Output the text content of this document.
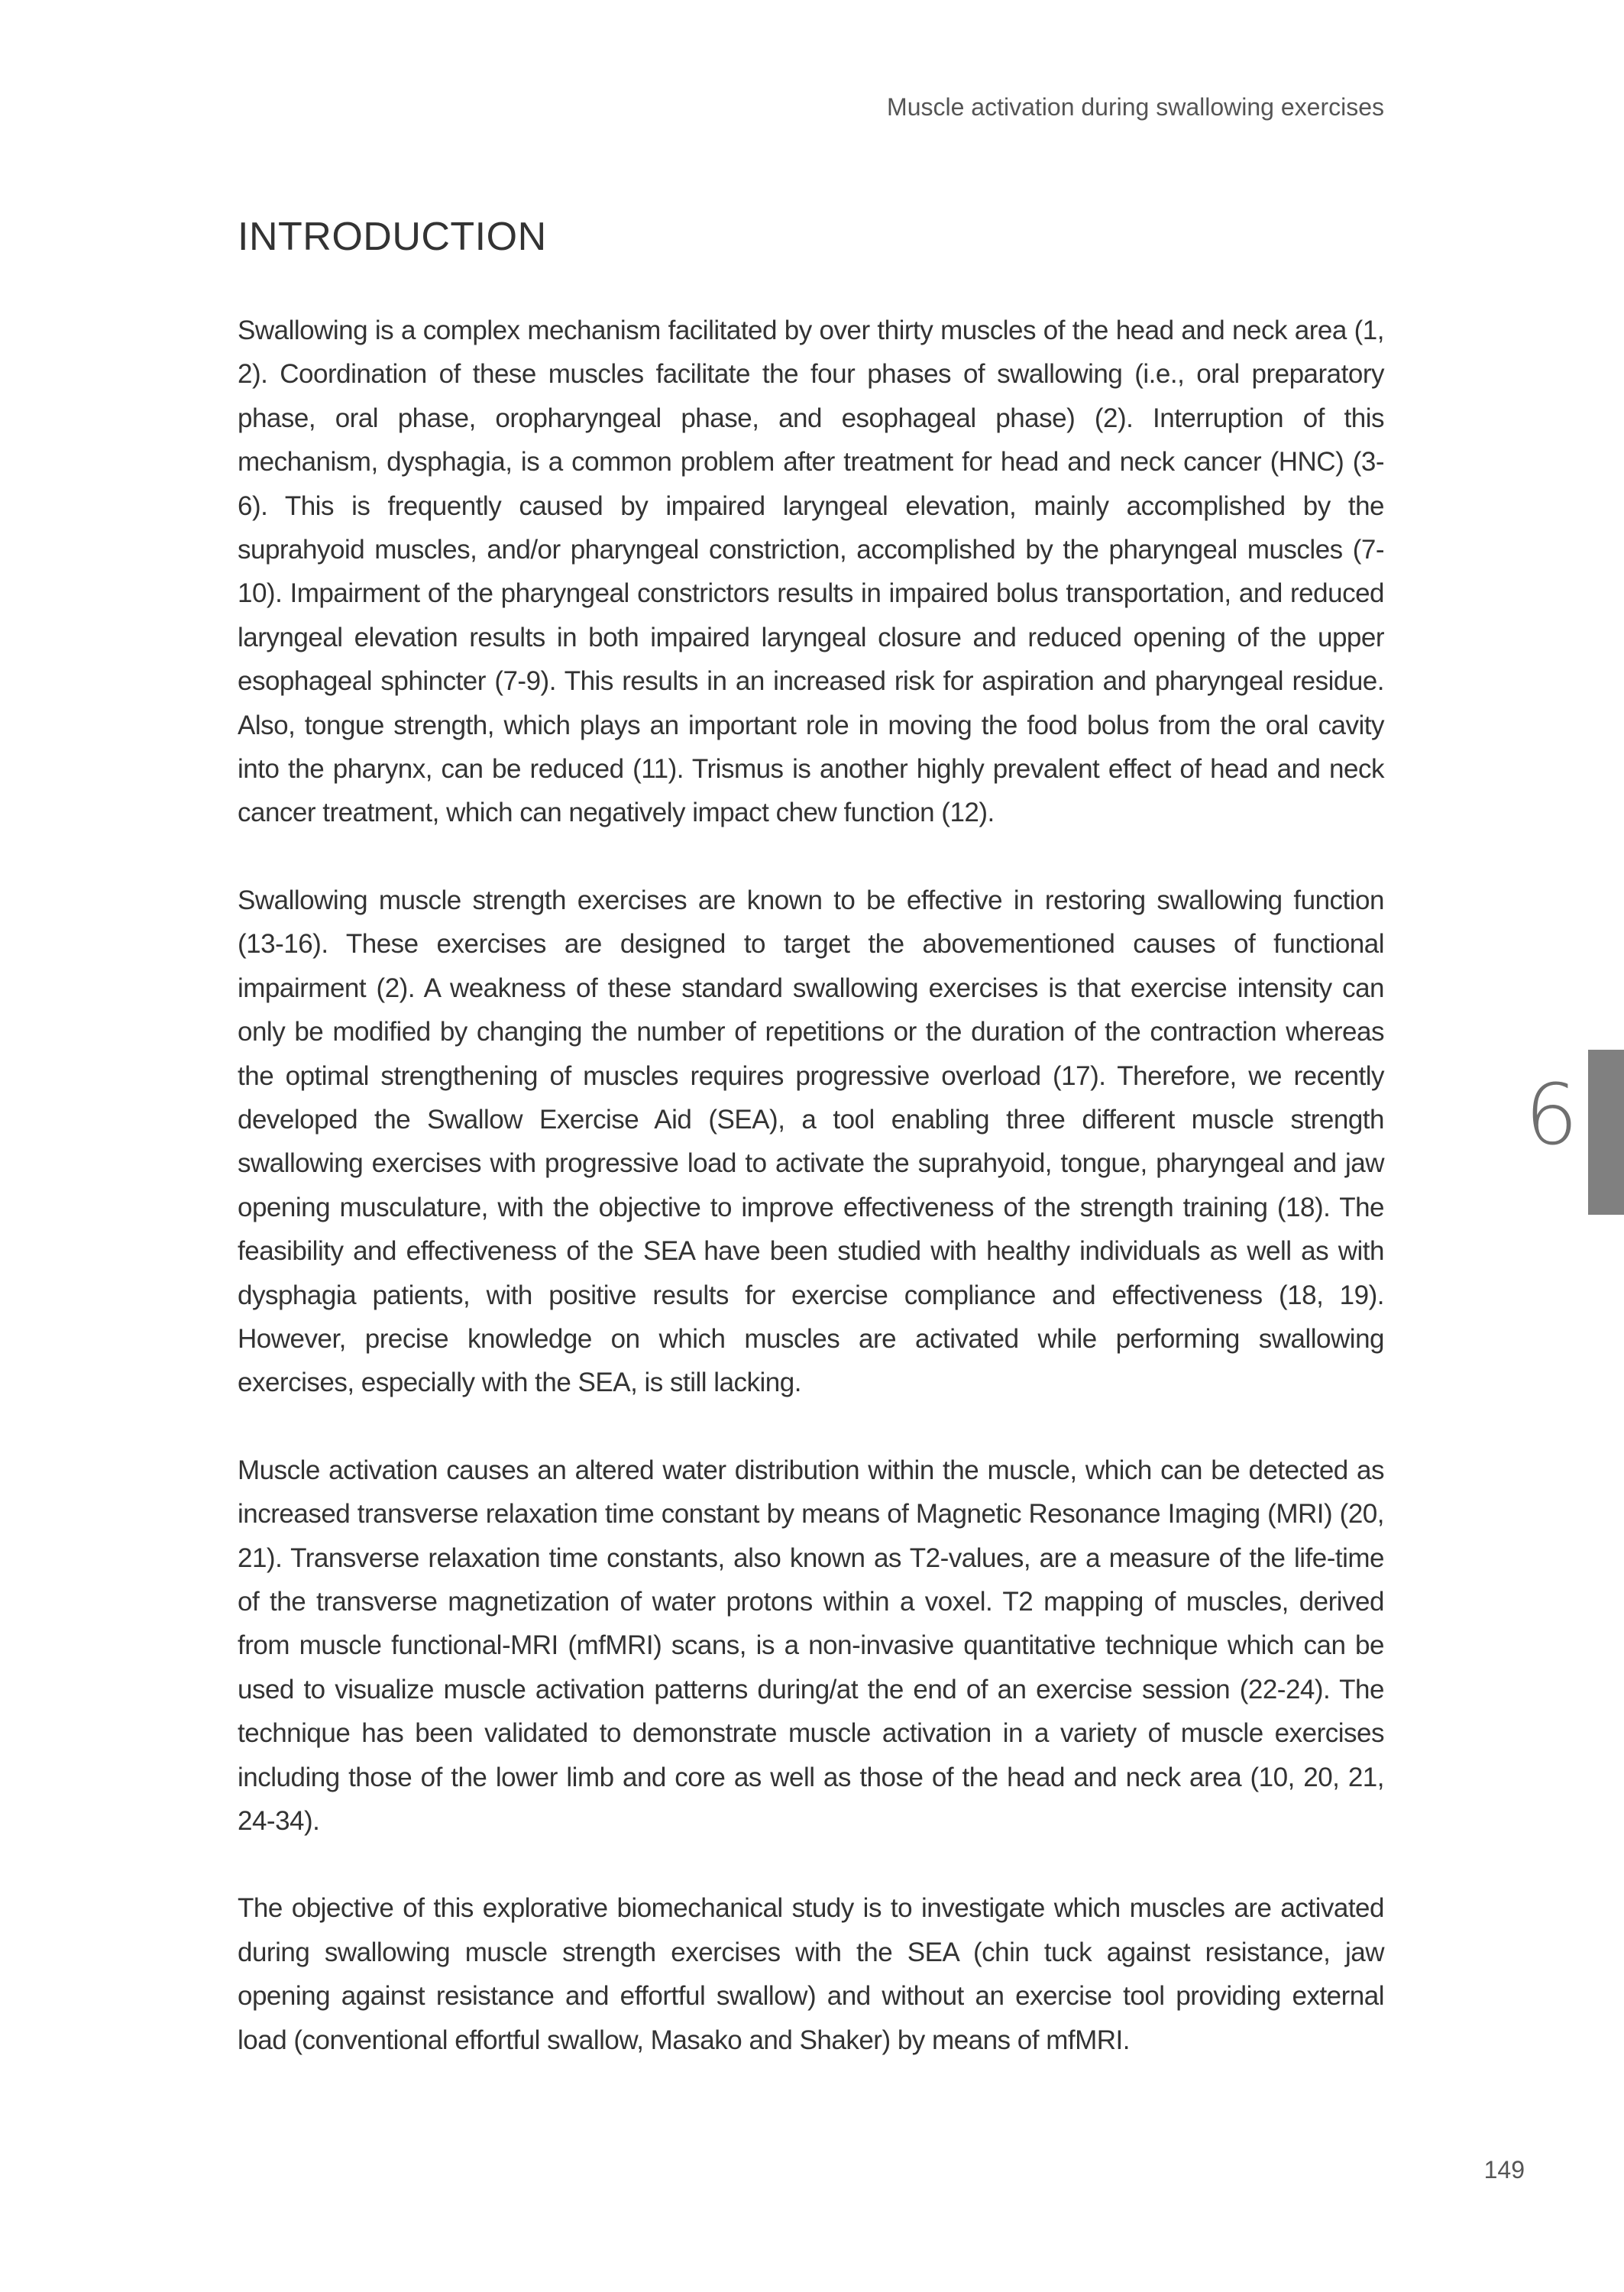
Muscle activation during swallowing exercises
INTRODUCTION

Swallowing is a complex mechanism facilitated by over thirty muscles of the head and neck area (1, 2). Coordination of these muscles facilitate the four phases of swallowing (i.e., oral preparatory phase, oral phase, oropharyngeal phase, and esophageal phase) (2). Interruption of this mechanism, dysphagia, is a common problem after treatment for head and neck cancer (HNC) (3-6). This is frequently caused by impaired laryngeal elevation, mainly accomplished by the suprahyoid muscles, and/or pharyngeal constriction, accomplished by the pharyngeal muscles (7-10). Impairment of the pharyngeal constrictors results in impaired bolus transportation, and reduced laryngeal elevation results in both impaired laryngeal closure and reduced opening of the upper esophageal sphincter (7-9). This results in an increased risk for aspiration and pharyngeal residue. Also, tongue strength, which plays an important role in moving the food bolus from the oral cavity into the pharynx, can be reduced (11). Trismus is another highly prevalent effect of head and neck cancer treatment, which can negatively impact chew function (12).

Swallowing muscle strength exercises are known to be effective in restoring swallowing function (13-16). These exercises are designed to target the abovementioned causes of functional impairment (2). A weakness of these standard swallowing exercises is that exercise intensity can only be modified by changing the number of repetitions or the duration of the contraction whereas the optimal strengthening of muscles requires progressive overload (17). Therefore, we recently developed the Swallow Exercise Aid (SEA), a tool enabling three different muscle strength swallowing exercises with progressive load to activate the suprahyoid, tongue, pharyngeal and jaw opening musculature, with the objective to improve effectiveness of the strength training (18). The feasibility and effectiveness of the SEA have been studied with healthy individuals as well as with dysphagia patients, with positive results for exercise compliance and effectiveness (18, 19). However, precise knowledge on which muscles are activated while performing swallowing exercises, especially with the SEA, is still lacking.

Muscle activation causes an altered water distribution within the muscle, which can be detected as increased transverse relaxation time constant by means of Magnetic Resonance Imaging (MRI) (20, 21). Transverse relaxation time constants, also known as T2-values, are a measure of the life-time of the transverse magnetization of water protons within a voxel. T2 mapping of muscles, derived from muscle functional-MRI (mfMRI) scans, is a non-invasive quantitative technique which can be used to visualize muscle activation patterns during/at the end of an exercise session (22-24). The technique has been validated to demonstrate muscle activation in a variety of muscle exercises including those of the lower limb and core as well as those of the head and neck area (10, 20, 21, 24-34).

The objective of this explorative biomechanical study is to investigate which muscles are activated during swallowing muscle strength exercises with the SEA (chin tuck against resistance, jaw opening against resistance and effortful swallow) and without an exercise tool providing external load (conventional effortful swallow, Masako and Shaker) by means of mfMRI.

6
149
